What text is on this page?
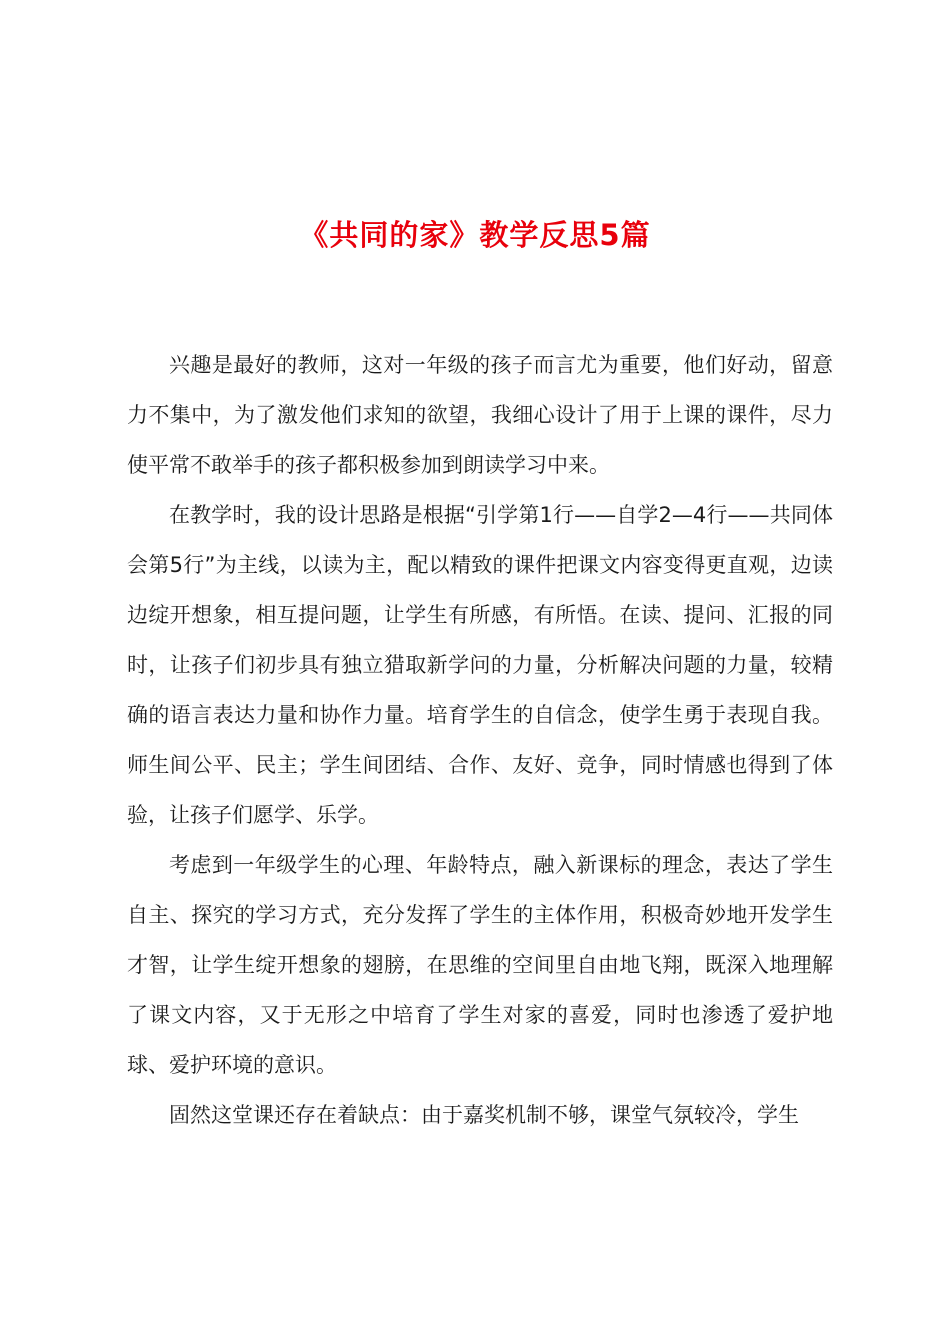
《共同的家》教学反思5篇

兴趣是最好的教师，这对一年级的孩子而言尤为重要，他们好动，留意力不集中，为了激发他们求知的欲望，我细心设计了用于上课的课件，尽力使平常不敢举手的孩子都积极参加到朗读学习中来。

在教学时，我的设计思路是根据“引学第1行——自学2—4行——共同体会第5行”为主线，以读为主，配以精致的课件把课文内容变得更直观，边读边绽开想象，相互提问题，让学生有所感，有所悟。在读、提问、汇报的同时，让孩子们初步具有独立猎取新学问的力量，分析解决问题的力量，较精确的语言表达力量和协作力量。培育学生的自信念，使学生勇于表现自我。师生间公平、民主；学生间团结、合作、友好、竞争，同时情感也得到了体验，让孩子们愿学、乐学。

考虑到一年级学生的心理、年龄特点，融入新课标的理念，表达了学生自主、探究的学习方式，充分发挥了学生的主体作用，积极奇妙地开发学生才智，让学生绽开想象的翅膀，在思维的空间里自由地飞翔，既深入地理解了课文内容，又于无形之中培育了学生对家的喜爱，同时也渗透了爱护地球、爱护环境的意识。

固然这堂课还存在着缺点：由于嘉奖机制不够，课堂气氛较冷，学生
